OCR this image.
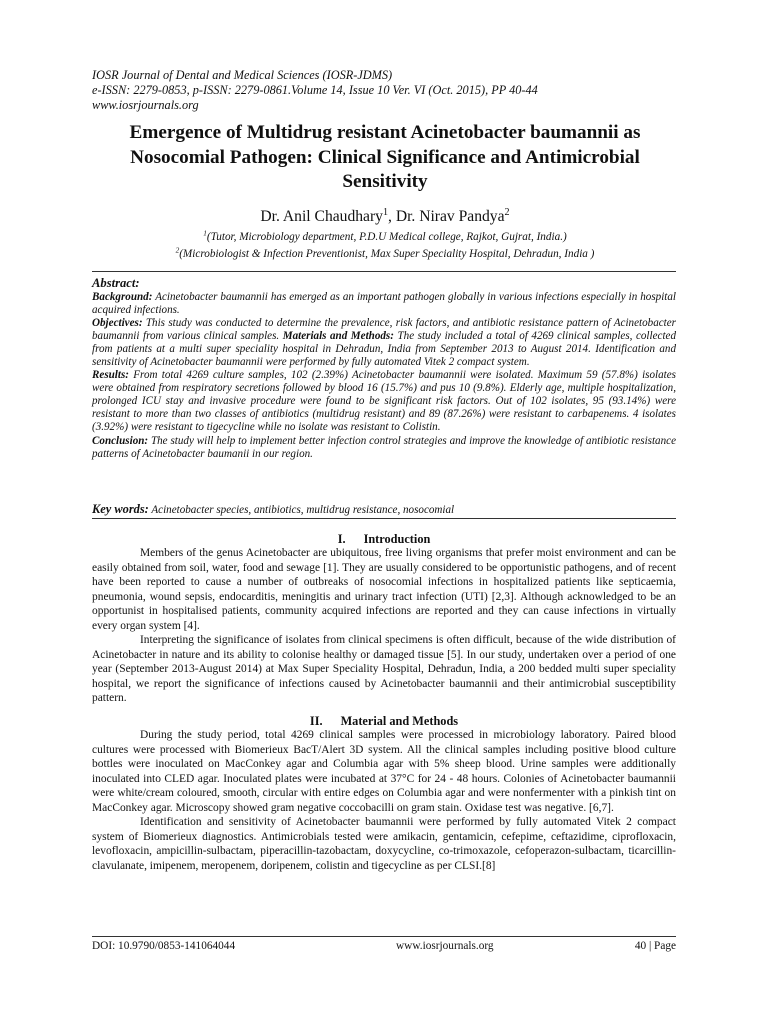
IOSR Journal of Dental and Medical Sciences (IOSR-JDMS)
e-ISSN: 2279-0853, p-ISSN: 2279-0861.Volume 14, Issue 10 Ver. VI (Oct. 2015), PP 40-44
www.iosrjournals.org
Emergence of Multidrug resistant Acinetobacter baumannii as
Nosocomial Pathogen: Clinical Significance and Antimicrobial
Sensitivity
Dr. Anil Chaudhary$^1$, Dr. Nirav Pandya$^2$
$^1$(Tutor, Microbiology department, P.D.U Medical college, Rajkot, Gujrat, India.)
$^2$(Microbiologist & Infection Preventionist, Max Super Speciality Hospital, Dehradun, India )
Abstract:

Background: Acinetobacter baumannii has emerged as an important pathogen globally in various infections especially in hospital acquired infections.

Objectives: This study was conducted to determine the prevalence, risk factors, and antibiotic resistance pattern of Acinetobacter baumannii from various clinical samples. Materials and Methods: The study included a total of 4269 clinical samples, collected from patients at a multi super speciality hospital in Dehradun, India from September 2013 to August 2014. Identification and sensitivity of Acinetobacter baumannii were performed by fully automated Vitek 2 compact system.

Results: From total 4269 culture samples, 102 (2.39%) Acinetobacter baumannii were isolated. Maximum 59 (57.8%) isolates were obtained from respiratory secretions followed by blood 16 (15.7%) and pus 10 (9.8%). Elderly age, multiple hospitalization, prolonged ICU stay and invasive procedure were found to be significant risk factors. Out of 102 isolates, 95 (93.14%) were resistant to more than two classes of antibiotics (multidrug resistant) and 89 (87.26%) were resistant to carbapenems. 4 isolates (3.92%) were resistant to tigecycline while no isolate was resistant to Colistin.

Conclusion: The study will help to implement better infection control strategies and improve the knowledge of antibiotic resistance patterns of Acinetobacter baumanii in our region.

Key words: Acinetobacter species, antibiotics, multidrug resistance, nosocomial
I. Introduction

Members of the genus Acinetobacter are ubiquitous, free living organisms that prefer moist environment and can be easily obtained from soil, water, food and sewage [1]. They are usually considered to be opportunistic pathogens, and of recent have been reported to cause a number of outbreaks of nosocomial infections in hospitalized patients like septicaemia, pneumonia, wound sepsis, endocarditis, meningitis and urinary tract infection (UTI) [2,3]. Although acknowledged to be an opportunist in hospitalised patients, community acquired infections are reported and they can cause infections in virtually every organ system [4].

Interpreting the significance of isolates from clinical specimens is often difficult, because of the wide distribution of Acinetobacter in nature and its ability to colonise healthy or damaged tissue [5]. In our study, undertaken over a period of one year (September 2013-August 2014) at Max Super Speciality Hospital, Dehradun, India, a 200 bedded multi super speciality hospital, we report the significance of infections caused by Acinetobacter baumannii and their antimicrobial susceptibility pattern.

II. Material and Methods

During the study period, total 4269 clinical samples were processed in microbiology laboratory. Paired blood cultures were processed with Biomerieux BacT/Alert 3D system. All the clinical samples including positive blood culture bottles were inoculated on MacConkey agar and Columbia agar with 5% sheep blood. Urine samples were additionally inoculated into CLED agar. Inoculated plates were incubated at 37°C for 24 - 48 hours. Colonies of Acinetobacter baumannii were white/cream coloured, smooth, circular with entire edges on Columbia agar and were nonfermenter with a pinkish tint on MacConkey agar. Microscopy showed gram negative coccobacilli on gram stain. Oxidase test was negative. [6,7].

Identification and sensitivity of Acinetobacter baumannii were performed by fully automated Vitek 2 compact system of Biomerieux diagnostics. Antimicrobials tested were amikacin, gentamicin, cefepime, ceftazidime, ciprofloxacin, levofloxacin, ampicillin-sulbactam, piperacillin-tazobactam, doxycycline, co-trimoxazole, cefoperazon-sulbactam, ticarcillin-clavulanate, imipenem, meropenem, doripenem, colistin and tigecycline as per CLSI.[8]

DOI: 10.9790/0853-141064044	www.iosrjournals.org	40 | Page
